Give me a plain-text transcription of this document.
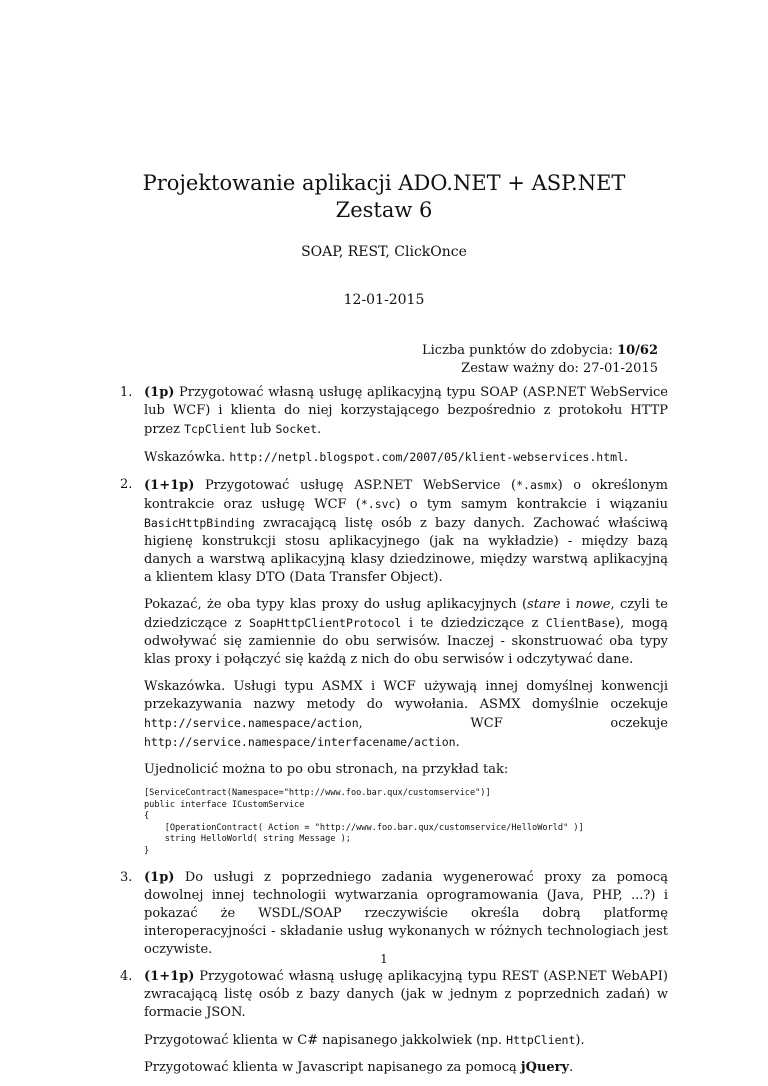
Projektowanie aplikacji ADO.NET + ASP.NET
Zestaw 6
SOAP, REST, ClickOnce
12-01-2015
Liczba punktów do zdobycia: 10/62
Zestaw ważny do: 27-01-2015
1. (1p) Przygotować własną usługę aplikacyjną typu SOAP (ASP.NET WebService lub WCF) i klienta do niej korzystającego bezpośrednio z protokołu HTTP przez TcpClient lub Socket.

Wskazówka. http://netpl.blogspot.com/2007/05/klient-webservices.html.

2. (1+1p) Przygotować usługę ASP.NET WebService (*.asmx) o określonym kontrakcie oraz usługę WCF (*.svc) o tym samym kontrakcie i wiązaniu BasicHttpBinding zwracającą listę osób z bazy danych. Zachować właściwą higienę konstrukcji stosu aplikacyjnego (jak na wykładzie) - między bazą danych a warstwą aplikacyjną klasy dziedzinowe, między warstwą aplikacyjną a klientem klasy DTO (Data Transfer Object).

Pokazać, że oba typy klas proxy do usług aplikacyjnych (stare i nowe, czyli te dziedziczące z SoapHttpClientProtocol i te dziedziczące z ClientBase), mogą odwoływać się zamiennie do obu serwisów. Inaczej - skonstruować oba typy klas proxy i połączyć się każdą z nich do obu serwisów i odczytywać dane.

Wskazówka. Usługi typu ASMX i WCF używają innej domyślnej konwencji przekazywania nazwy metody do wywołania. ASMX domyślnie oczekuje http://service.namespace/action, WCF oczekuje http://service.namespace/interfacename/action.

Ujednolicić można to po obu stronach, na przykład tak:

[ServiceContract(Namespace="http://www.foo.bar.qux/customservice")]
public interface ICustomService
{
[OperationContract( Action = "http://www.foo.bar.qux/customservice/HelloWorld" )]
string HelloWorld( string Message );
}
3. (1p) Do usługi z poprzedniego zadania wygenerować proxy za pomocą dowolnej innej technologii wytwarzania oprogramowania (Java, PHP, ...?) i pokazać że WSDL/SOAP rzeczywiście określa dobrą platformę interoperacyjności - składanie usług wykonanych w różnych technologiach jest oczywiste.

4. (1+1p) Przygotować własną usługę aplikacyjną typu REST (ASP.NET WebAPI) zwracającą listę osób z bazy danych (jak w jednym z poprzednich zadań) w formacie JSON.

Przygotować klienta w C# napisanego jakkolwiek (np. HttpClient).

Przygotować klienta w Javascript napisanego za pomocą jQuery.

1
